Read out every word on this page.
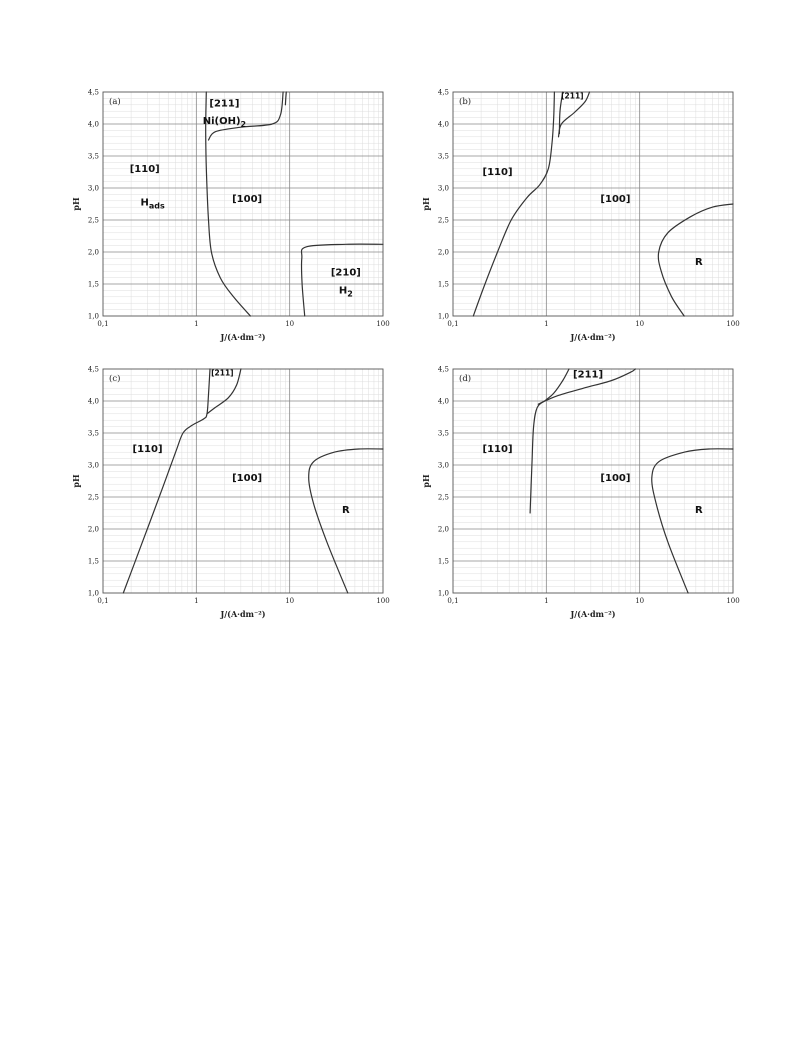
1,0
1,5
2,0
2,5
3,0
3,5
4,0
4,5
0,1	1	10	100
J/(A·dm⁻²)
pH
(a)	[211]
$Ni(OH)_2$
[110]
$H_{ads}$
[100]
[210]
$H_2$
1,0
1,5
2,0
2,5
3,0
3,5
4,0
4,5
0,1	1	10	100
J/(A·dm⁻²)
pH
(b)
[211]
[110]
[100]
R
1,0
1,5
2,0
2,5
3,0
3,5
4,0
4,5
0,1	1	10	100
J/(A·dm⁻²)
pH
(c)
[211]
[110]
[100]
R
1,0
1,5
2,0
2,5
3,0
3,5
4,0
4,5
0,1	1	10	100
J/(A·dm⁻²)
pH
(d)	[211]
[110]
[100]
R
